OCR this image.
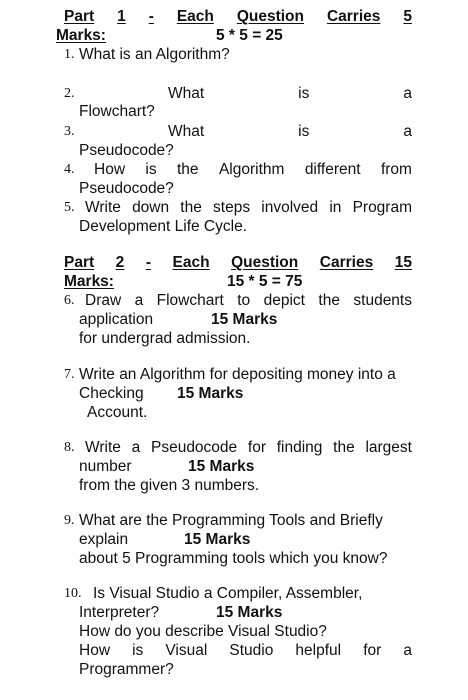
Part 1 - Each Question Carries 5
Marks:	5 * 5 = 25
1. What is an Algorithm?
2.	What	is	a
Flowchart?
3.	What	is	a
Pseudocode?
4. How is the Algorithm different from
Pseudocode?
5. Write down the steps involved in Program
Development Life Cycle.
Part 2 - Each Question Carries 15
Marks:	15 * 5 = 75
6. Draw a Flowchart to depict the students
application	15 Marks
for undergrad admission.
7. Write an Algorithm for depositing money into a
Checking 15 Marks
Account.
8. Write a Pseudocode for finding the largest
number	15 Marks
from the given 3 numbers.
9. What are the Programming Tools and Briefly
explain	15 Marks
about 5 Programming tools which you know?
10. Is Visual Studio a Compiler, Assembler,
Interpreter?	15 Marks
How do you describe Visual Studio?
How is Visual Studio helpful for a
Programmer?
